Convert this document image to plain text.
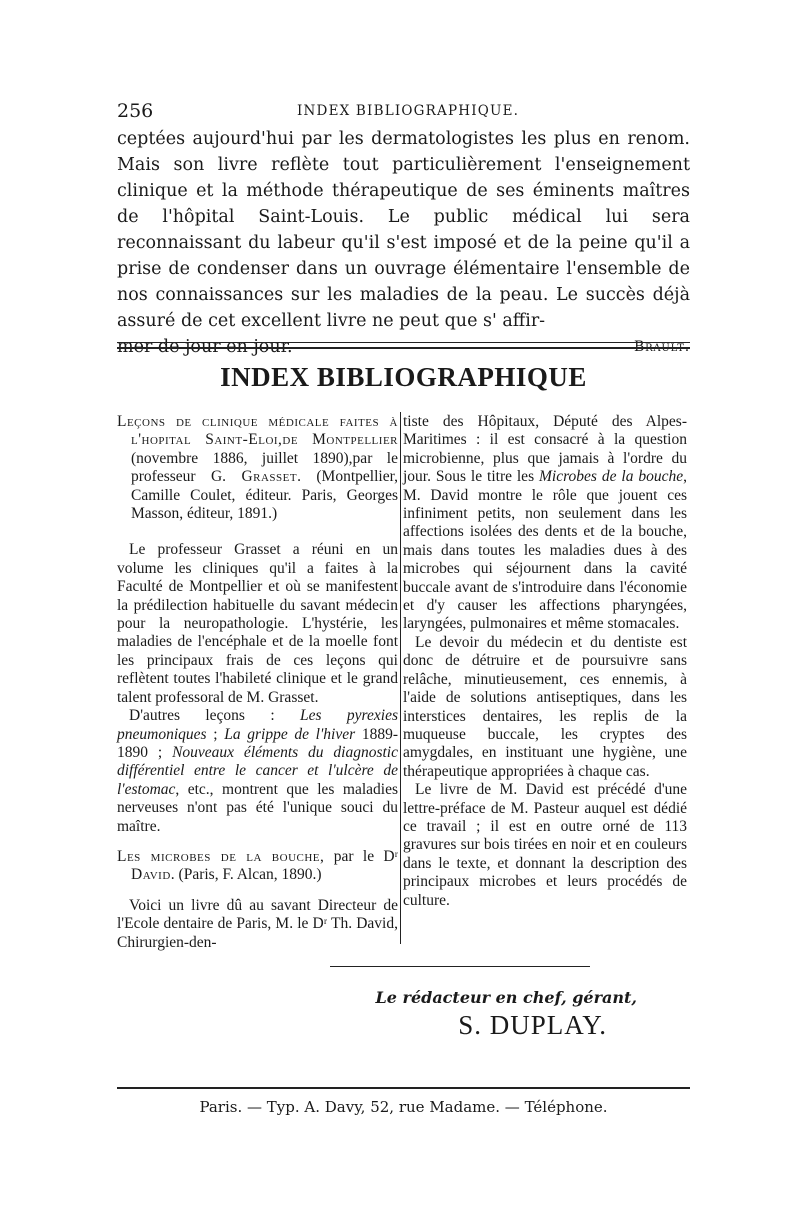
256	INDEX BIBLIOGRAPHIQUE.

ceptées aujourd'hui par les dermatologistes les plus en renom. Mais son livre reflète tout particulièrement l'enseignement clinique et la méthode thérapeutique de ses éminents maîtres de l'hôpital Saint-Louis. Le public médical lui sera reconnaissant du labeur qu'il s'est imposé et de la peine qu'il a prise de condenser dans un ouvrage élémentaire l'ensemble de nos connaissances sur les maladies de la peau. Le succès déjà assuré de cet excellent livre ne peut que s' affir-

mer de jour en jour.	Brault.

INDEX BIBLIOGRAPHIQUE

Leçons de clinique médicale faites à l'hopital Saint-Eloi,de Montpellier (novembre 1886, juillet 1890),par le professeur G. Grasset. (Montpellier, Camille Coulet, éditeur. Paris, Georges Masson, éditeur, 1891.)

Le professeur Grasset a réuni en un volume les cliniques qu'il a faites à la Faculté de Montpellier et où se manifestent la prédilection habituelle du savant médecin pour la neuropathologie. L'hystérie, les maladies de l'encéphale et de la moelle font les principaux frais de ces leçons qui reflètent toutes l'habileté clinique et le grand talent professoral de M. Grasset.

D'autres leçons : Les pyrexies pneumoniques ; La grippe de l'hiver 1889-1890 ; Nouveaux éléments du diagnostic différentiel entre le cancer et l'ulcère de l'estomac, etc., montrent que les maladies nerveuses n'ont pas été l'unique souci du maître.

Les microbes de la bouche, par le Dʳ David. (Paris, F. Alcan, 1890.)

Voici un livre dû au savant Directeur de l'Ecole dentaire de Paris, M. le Dʳ Th. David, Chirurgien-den-

tiste des Hôpitaux, Député des Alpes-Maritimes : il est consacré à la question microbienne, plus que jamais à l'ordre du jour. Sous le titre les Microbes de la bouche, M. David montre le rôle que jouent ces infiniment petits, non seulement dans les affections isolées des dents et de la bouche, mais dans toutes les maladies dues à des microbes qui séjournent dans la cavité buccale avant de s'introduire dans l'économie et d'y causer les affections pharyngées, laryngées, pulmonaires et même stomacales.

Le devoir du médecin et du dentiste est donc de détruire et de poursuivre sans relâche, minutieusement, ces ennemis, à l'aide de solutions antiseptiques, dans les interstices dentaires, les replis de la muqueuse buccale, les cryptes des amygdales, en instituant une hygiène, une thérapeutique appropriées à chaque cas.

Le livre de M. David est précédé d'une lettre-préface de M. Pasteur auquel est dédié ce travail ; il est en outre orné de 113 gravures sur bois tirées en noir et en couleurs dans le texte, et donnant la description des principaux microbes et leurs procédés de culture.

Le rédacteur en chef, gérant,
S. DUPLAY.
Paris. — Typ. A. Davy, 52, rue Madame. — Téléphone.
